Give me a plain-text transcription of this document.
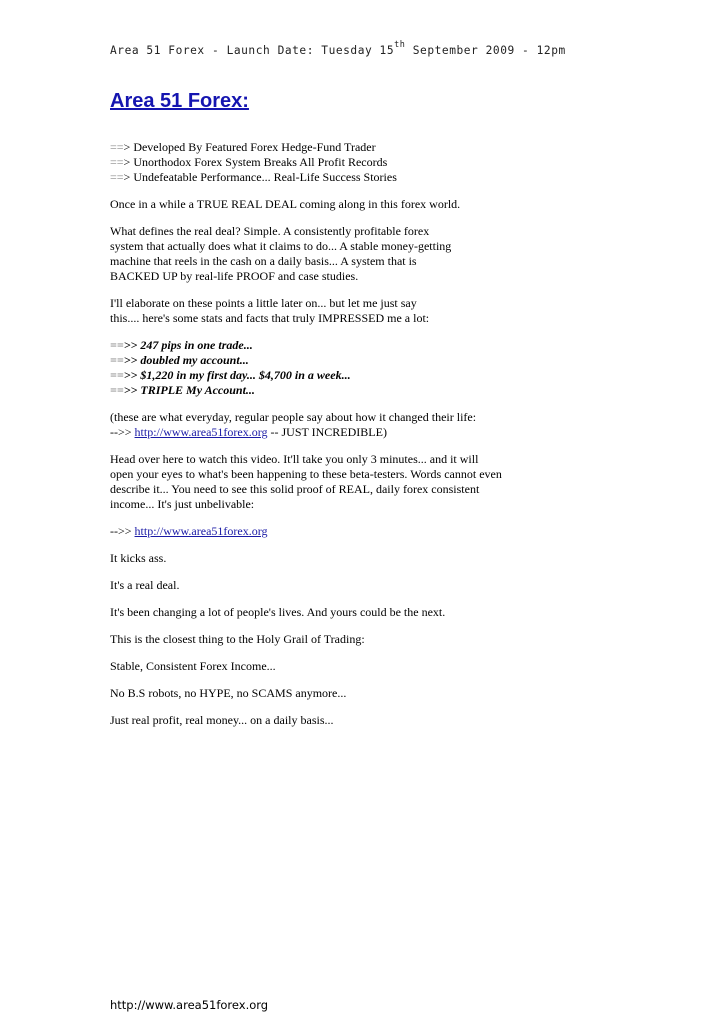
Area 51 Forex - Launch Date: Tuesday 15th September 2009 - 12pm
Area 51 Forex:
==> Developed By Featured Forex Hedge-Fund Trader
==> Unorthodox Forex System Breaks All Profit Records
==> Undefeatable Performance... Real-Life Success Stories
Once in a while a TRUE REAL DEAL coming along in this forex world.
What defines the real deal? Simple. A consistently profitable forex
system that actually does what it claims to do... A stable money-getting
machine that reels in the cash on a daily basis... A system that is
BACKED UP by real-life PROOF and case studies.
I'll elaborate on these points a little later on... but let me just say
this.... here's some stats and facts that truly IMPRESSED me a lot:
==>> 247 pips in one trade...
==>> doubled my account...
==>> $1,220 in my first day... $4,700 in a week...
==>> TRIPLE My Account...
(these are what everyday, regular people say about how it changed their life:
-->> http://www.area51forex.org -- JUST INCREDIBLE)
Head over here to watch this video. It'll take you only 3 minutes... and it will
open your eyes to what's been happening to these beta-testers. Words cannot even
describe it... You need to see this solid proof of REAL, daily forex consistent
income... It's just unbelivable:
-->> http://www.area51forex.org
It kicks ass.
It's a real deal.
It's been changing a lot of people's lives. And yours could be the next.
This is the closest thing to the Holy Grail of Trading:
Stable, Consistent Forex Income...
No B.S robots, no HYPE, no SCAMS anymore...
Just real profit, real money... on a daily basis...
http://www.area51forex.org
